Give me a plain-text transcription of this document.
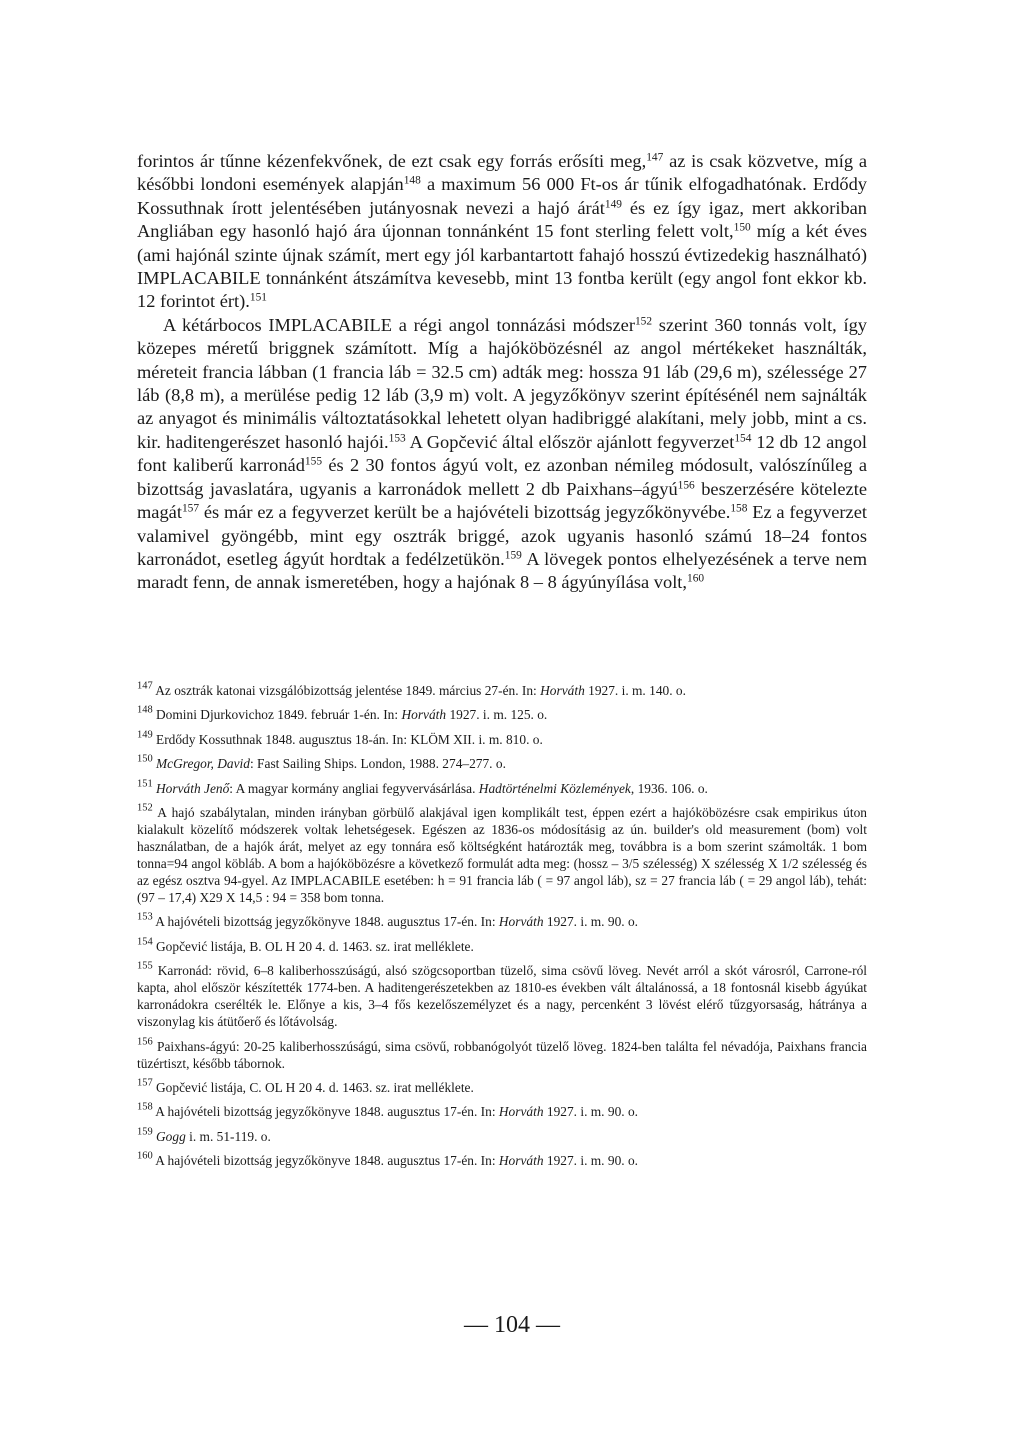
forintos ár tűnne kézenfekvőnek, de ezt csak egy forrás erősíti meg,$^{147}$ az is csak közvetve, míg a későbbi londoni események alapján$^{148}$ a maximum 56 000 Ft-os ár tűnik elfogadhatónak. Erdődy Kossuthnak írott jelentésében jutányosnak nevezi a hajó árát$^{149}$ és ez így igaz, mert akkoriban Angliában egy hasonló hajó ára újonnan tonnánként 15 font sterling felett volt,$^{150}$ míg a két éves (ami hajónál szinte újnak számít, mert egy jól karbantartott fahajó hosszú évtizedekig használható) IMPLACABILE tonnánként átszámítva kevesebb, mint 13 fontba került (egy angol font ekkor kb. 12 forintot ért).$^{151}$

A kétárbocos IMPLACABILE a régi angol tonnázási módszer$^{152}$ szerint 360 tonnás volt, így közepes méretű briggnek számított. Míg a hajóköbözésnél az angol mértékeket használták, méreteit francia lábban (1 francia láb = 32.5 cm) adták meg: hossza 91 láb (29,6 m), szélessége 27 láb (8,8 m), a merülése pedig 12 láb (3,9 m) volt. A jegyzőkönyv szerint építésénél nem sajnálták az anyagot és minimális változtatásokkal lehetett olyan hadibriggé alakítani, mely jobb, mint a cs. kir. haditengerészet hasonló hajói.$^{153}$ A Gopčević által először ajánlott fegyverzet$^{154}$ 12 db 12 angol font kaliberű karronád$^{155}$ és 2 30 fontos ágyú volt, ez azonban némileg módosult, valószínűleg a bizottság javaslatára, ugyanis a karronádok mellett 2 db Paixhans–ágyú$^{156}$ beszerzésére kötelezte magát$^{157}$ és már ez a fegyverzet került be a hajóvételi bizottság jegyzőkönyvébe.$^{158}$ Ez a fegyverzet valamivel gyöngébb, mint egy osztrák briggé, azok ugyanis hasonló számú 18–24 fontos karronádot, esetleg ágyút hordtak a fedélzetükön.$^{159}$ A lövegek pontos elhelyezésének a terve nem maradt fenn, de annak ismeretében, hogy a hajónak 8 – 8 ágyúnyílása volt,$^{160}$

$^{147}$ Az osztrák katonai vizsgálóbizottság jelentése 1849. március 27-én. In: Horváth 1927. i. m. 140. o.

$^{148}$ Domini Djurkovichoz 1849. február 1-én. In: Horváth 1927. i. m. 125. o.

$^{149}$ Erdődy Kossuthnak 1848. augusztus 18-án. In: KLÖM XII. i. m. 810. o.

$^{150}$ McGregor, David: Fast Sailing Ships. London, 1988. 274–277. o.

$^{151}$ Horváth Jenő: A magyar kormány angliai fegyvervásárlása. Hadtörténelmi Közlemények, 1936. 106. o.

$^{152}$ A hajó szabálytalan, minden irányban görbülő alakjával igen komplikált test, éppen ezért a hajóköbözésre csak empirikus úton kialakult közelítő módszerek voltak lehetségesek. Egészen az 1836-os módosításig az ún. builder's old measurement (bom) volt használatban, de a hajók árát, melyet az egy tonnára eső költségként határozták meg, továbbra is a bom szerint számolták. 1 bom tonna=94 angol köbláb. A bom a hajóköbözésre a következő formulát adta meg: (hossz – 3/5 szélesség) X szélesség X 1/2 szélesség és az egész osztva 94-gyel. Az IMPLACABILE esetében: h = 91 francia láb ( = 97 angol láb), sz = 27 francia láb ( = 29 angol láb), tehát: (97 – 17,4) X29 X 14,5 : 94 = 358 bom tonna.

$^{153}$ A hajóvételi bizottság jegyzőkönyve 1848. augusztus 17-én. In: Horváth 1927. i. m. 90. o.

$^{154}$ Gopčević listája, B. OL H 20 4. d. 1463. sz. irat melléklete.

$^{155}$ Karronád: rövid, 6–8 kaliberhosszúságú, alsó szögcsoportban tüzelő, sima csövű löveg. Nevét arról a skót városról, Carrone-ról kapta, ahol először készítették 1774-ben. A haditengerészetekben az 1810-es években vált általánossá, a 18 fontosnál kisebb ágyúkat karronádokra cserélték le. Előnye a kis, 3–4 fős kezelőszemélyzet és a nagy, percenként 3 lövést elérő tűzgyorsaság, hátránya a viszonylag kis átütőerő és lőtávolság.

$^{156}$ Paixhans-ágyú: 20-25 kaliberhosszúságú, sima csövű, robbanógolyót tüzelő löveg. 1824-ben találta fel névadója, Paixhans francia tüzértiszt, később tábornok.

$^{157}$ Gopčević listája, C. OL H 20 4. d. 1463. sz. irat melléklete.

$^{158}$ A hajóvételi bizottság jegyzőkönyve 1848. augusztus 17-én. In: Horváth 1927. i. m. 90. o.

$^{159}$ Gogg i. m. 51-119. o.

$^{160}$ A hajóvételi bizottság jegyzőkönyve 1848. augusztus 17-én. In: Horváth 1927. i. m. 90. o.

— 104 —
